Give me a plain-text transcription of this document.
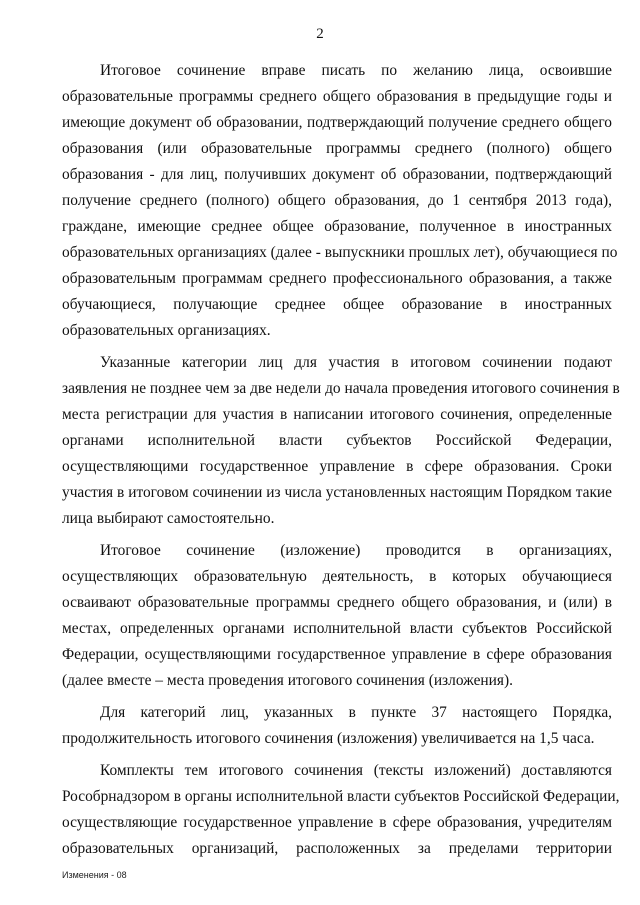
2

Итоговое сочинение вправе писать по желанию лица, освоившие
образовательные программы среднего общего образования в предыдущие годы и
имеющие документ об образовании, подтверждающий получение среднего общего
образования (или образовательные программы среднего (полного) общего
образования - для лиц, получивших документ об образовании, подтверждающий
получение среднего (полного) общего образования, до 1 сентября 2013 года),
граждане, имеющие среднее общее образование, полученное в иностранных
образовательных организациях (далее - выпускники прошлых лет), обучающиеся по
образовательным программам среднего профессионального образования, а также
обучающиеся, получающие среднее общее образование в иностранных
образовательных организациях.

Указанные категории лиц для участия в итоговом сочинении подают
заявления не позднее чем за две недели до начала проведения итогового сочинения в
места регистрации для участия в написании итогового сочинения, определенные
органами исполнительной власти субъектов Российской Федерации,
осуществляющими государственное управление в сфере образования. Сроки
участия в итоговом сочинении из числа установленных настоящим Порядком такие
лица выбирают самостоятельно.

Итоговое сочинение (изложение) проводится в организациях,
осуществляющих образовательную деятельность, в которых обучающиеся
осваивают образовательные программы среднего общего образования, и (или) в
местах, определенных органами исполнительной власти субъектов Российской
Федерации, осуществляющими государственное управление в сфере образования
(далее вместе – места проведения итогового сочинения (изложения).

Для категорий лиц, указанных в пункте 37 настоящего Порядка,
продолжительность итогового сочинения (изложения) увеличивается на 1,5 часа.

Комплекты тем итогового сочинения (тексты изложений) доставляются
Рособрнадзором в органы исполнительной власти субъектов Российской Федерации,
осуществляющие государственное управление в сфере образования, учредителям
образовательных организаций, расположенных за пределами территории

Изменения - 08
